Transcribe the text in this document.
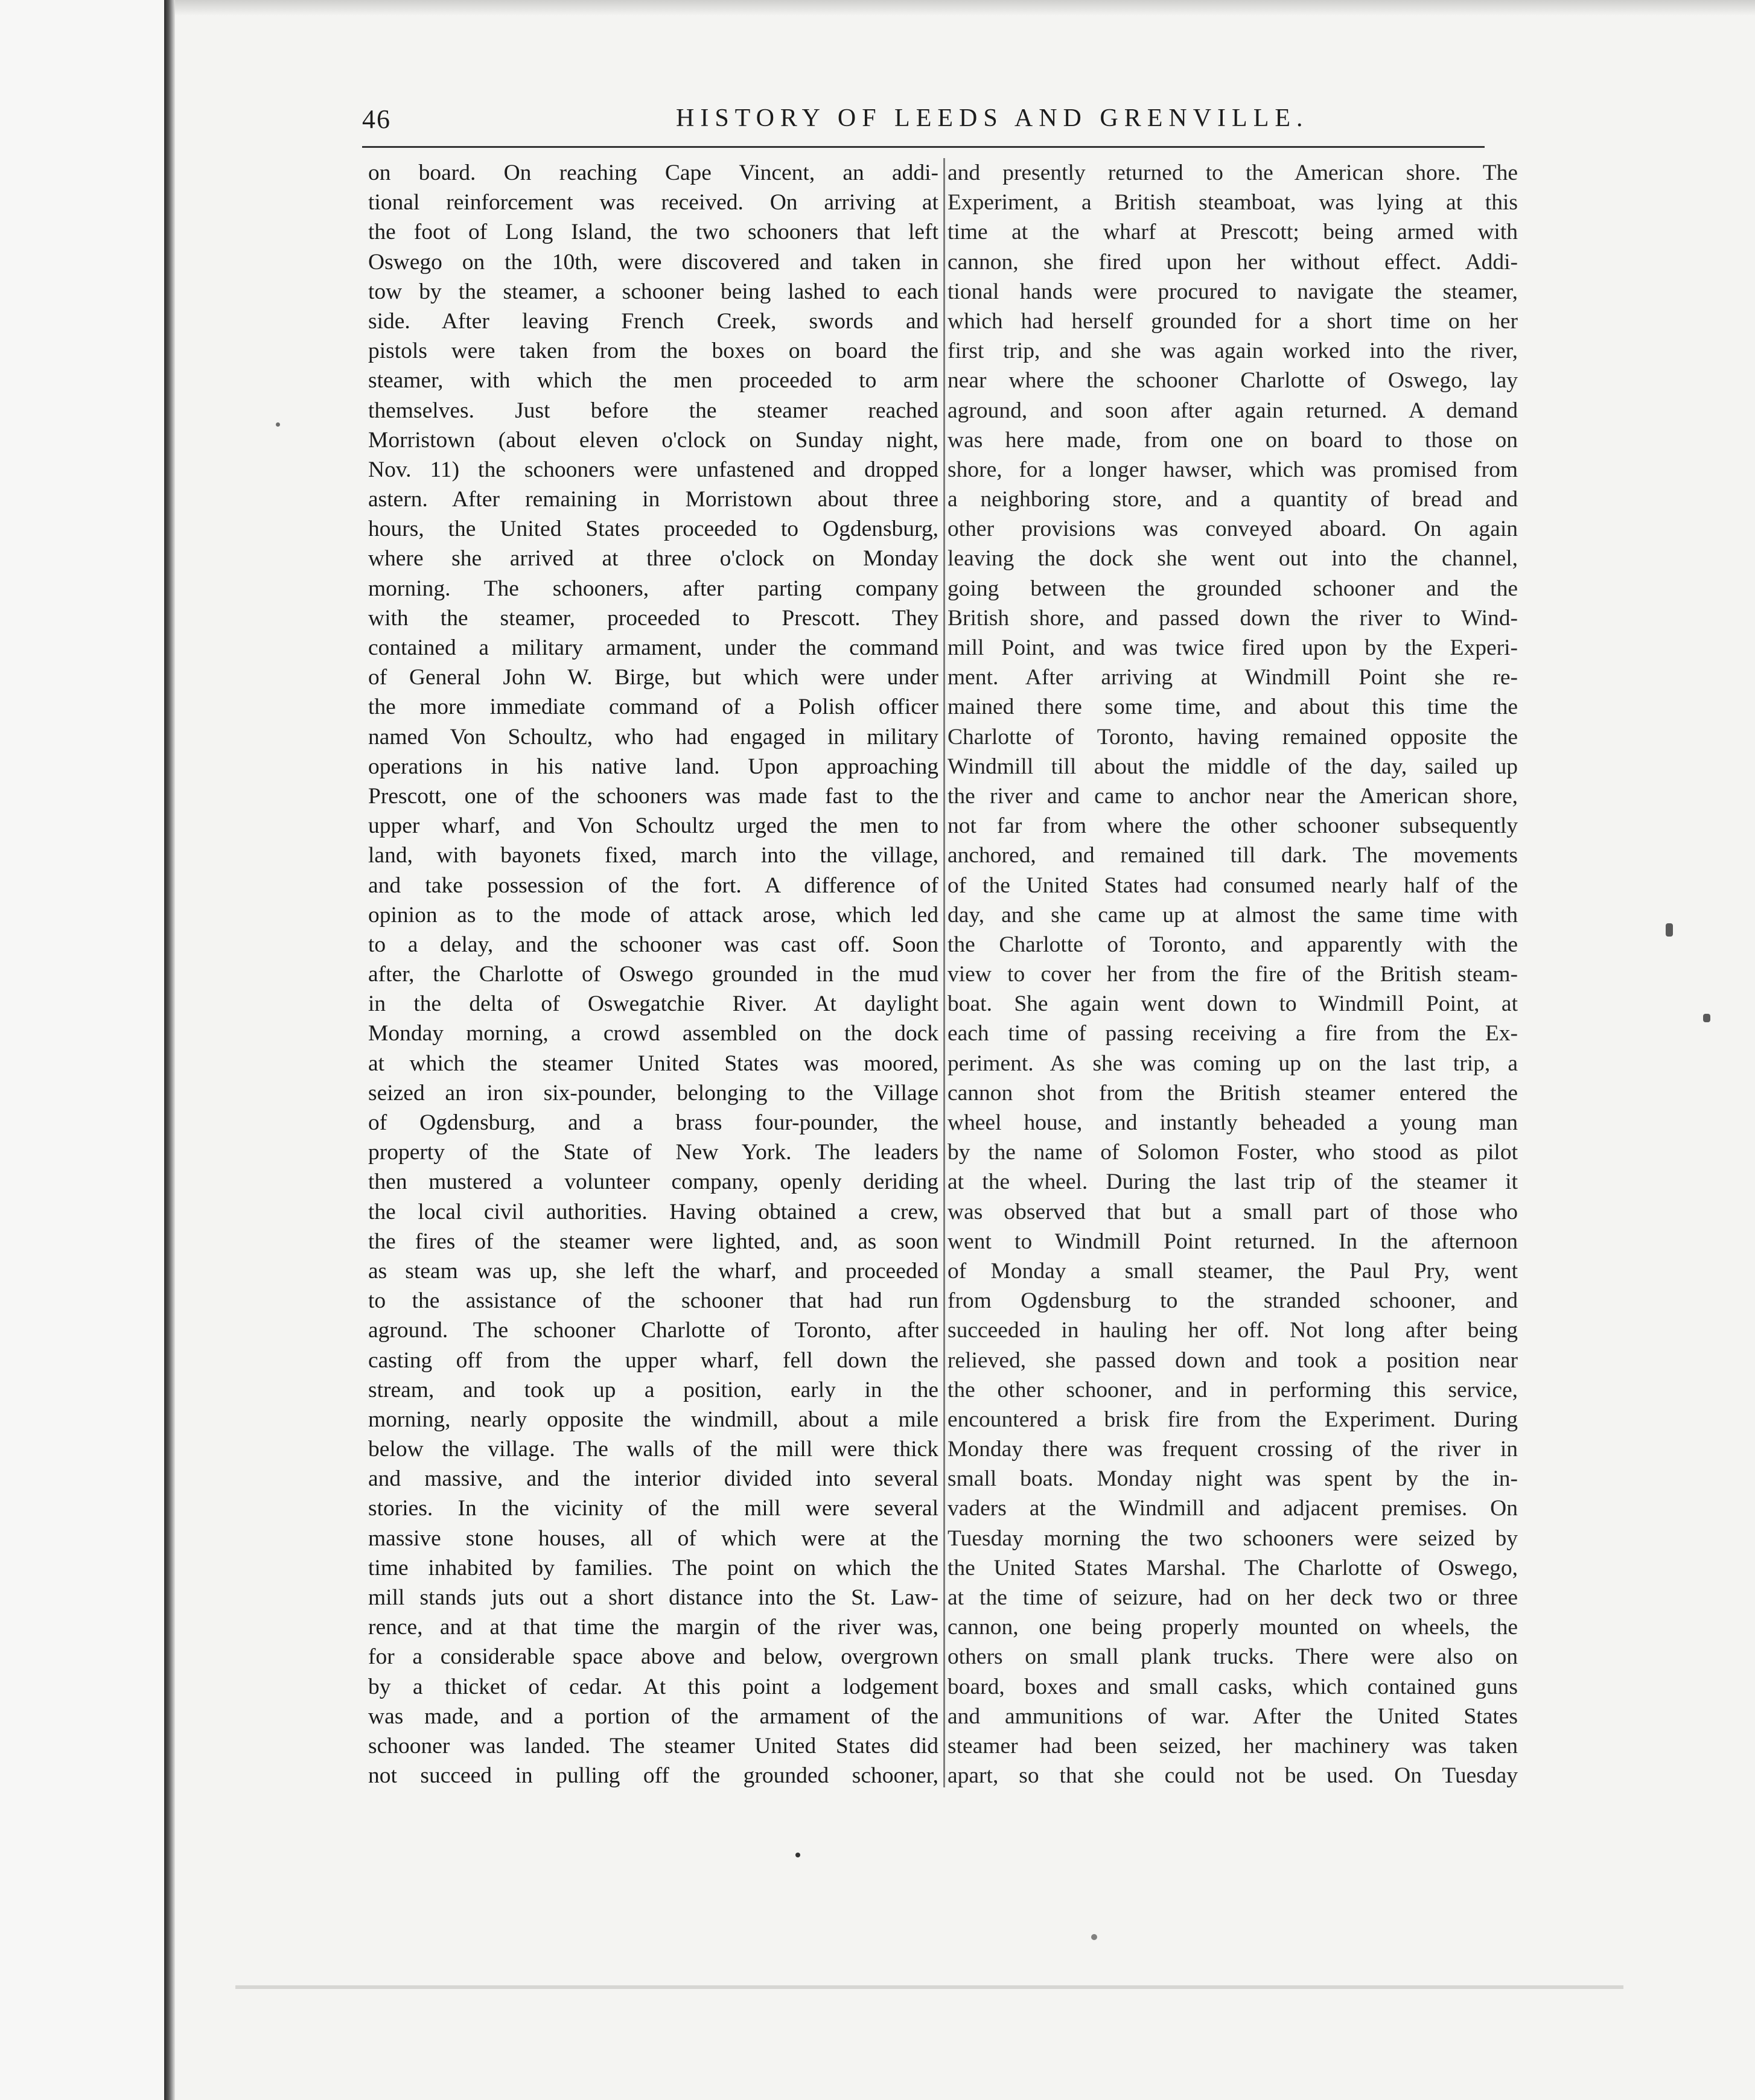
46	HISTORY OF LEEDS AND GRENVILLE.
on board. On reaching Cape Vincent, an addi-
tional reinforcement was received. On arriving at
the foot of Long Island, the two schooners that left
Oswego on the 10th, were discovered and taken in
tow by the steamer, a schooner being lashed to each
side. After leaving French Creek, swords and
pistols were taken from the boxes on board the
steamer, with which the men proceeded to arm
themselves. Just before the steamer reached
Morristown (about eleven o'clock on Sunday night,
Nov. 11) the schooners were unfastened and dropped
astern. After remaining in Morristown about three
hours, the United States proceeded to Ogdensburg,
where she arrived at three o'clock on Monday
morning. The schooners, after parting company
with the steamer, proceeded to Prescott. They
contained a military armament, under the command
of General John W. Birge, but which were under
the more immediate command of a Polish officer
named Von Schoultz, who had engaged in military
operations in his native land. Upon approaching
Prescott, one of the schooners was made fast to the
upper wharf, and Von Schoultz urged the men to
land, with bayonets fixed, march into the village,
and take possession of the fort. A difference of
opinion as to the mode of attack arose, which led
to a delay, and the schooner was cast off. Soon
after, the Charlotte of Oswego grounded in the mud
in the delta of Oswegatchie River. At daylight
Monday morning, a crowd assembled on the dock
at which the steamer United States was moored,
seized an iron six-pounder, belonging to the Village
of Ogdensburg, and a brass four-pounder, the
property of the State of New York. The leaders
then mustered a volunteer company, openly deriding
the local civil authorities. Having obtained a crew,
the fires of the steamer were lighted, and, as soon
as steam was up, she left the wharf, and proceeded
to the assistance of the schooner that had run
aground. The schooner Charlotte of Toronto, after
casting off from the upper wharf, fell down the
stream, and took up a position, early in the
morning, nearly opposite the windmill, about a mile
below the village. The walls of the mill were thick
and massive, and the interior divided into several
stories. In the vicinity of the mill were several
massive stone houses, all of which were at the
time inhabited by families. The point on which the
mill stands juts out a short distance into the St. Law-
rence, and at that time the margin of the river was,
for a considerable space above and below, overgrown
by a thicket of cedar. At this point a lodgement
was made, and a portion of the armament of the
schooner was landed. The steamer United States did
not succeed in pulling off the grounded schooner,
and presently returned to the American shore. The
Experiment, a British steamboat, was lying at this
time at the wharf at Prescott; being armed with
cannon, she fired upon her without effect. Addi-
tional hands were procured to navigate the steamer,
which had herself grounded for a short time on her
first trip, and she was again worked into the river,
near where the schooner Charlotte of Oswego, lay
aground, and soon after again returned. A demand
was here made, from one on board to those on
shore, for a longer hawser, which was promised from
a neighboring store, and a quantity of bread and
other provisions was conveyed aboard. On again
leaving the dock she went out into the channel,
going between the grounded schooner and the
British shore, and passed down the river to Wind-
mill Point, and was twice fired upon by the Experi-
ment. After arriving at Windmill Point she re-
mained there some time, and about this time the
Charlotte of Toronto, having remained opposite the
Windmill till about the middle of the day, sailed up
the river and came to anchor near the American shore,
not far from where the other schooner subsequently
anchored, and remained till dark. The movements
of the United States had consumed nearly half of the
day, and she came up at almost the same time with
the Charlotte of Toronto, and apparently with the
view to cover her from the fire of the British steam-
boat. She again went down to Windmill Point, at
each time of passing receiving a fire from the Ex-
periment. As she was coming up on the last trip, a
cannon shot from the British steamer entered the
wheel house, and instantly beheaded a young man
by the name of Solomon Foster, who stood as pilot
at the wheel. During the last trip of the steamer it
was observed that but a small part of those who
went to Windmill Point returned. In the afternoon
of Monday a small steamer, the Paul Pry, went
from Ogdensburg to the stranded schooner, and
succeeded in hauling her off. Not long after being
relieved, she passed down and took a position near
the other schooner, and in performing this service,
encountered a brisk fire from the Experiment. During
Monday there was frequent crossing of the river in
small boats. Monday night was spent by the in-
vaders at the Windmill and adjacent premises. On
Tuesday morning the two schooners were seized by
the United States Marshal. The Charlotte of Oswego,
at the time of seizure, had on her deck two or three
cannon, one being properly mounted on wheels, the
others on small plank trucks. There were also on
board, boxes and small casks, which contained guns
and ammunitions of war. After the United States
steamer had been seized, her machinery was taken
apart, so that she could not be used. On Tuesday
